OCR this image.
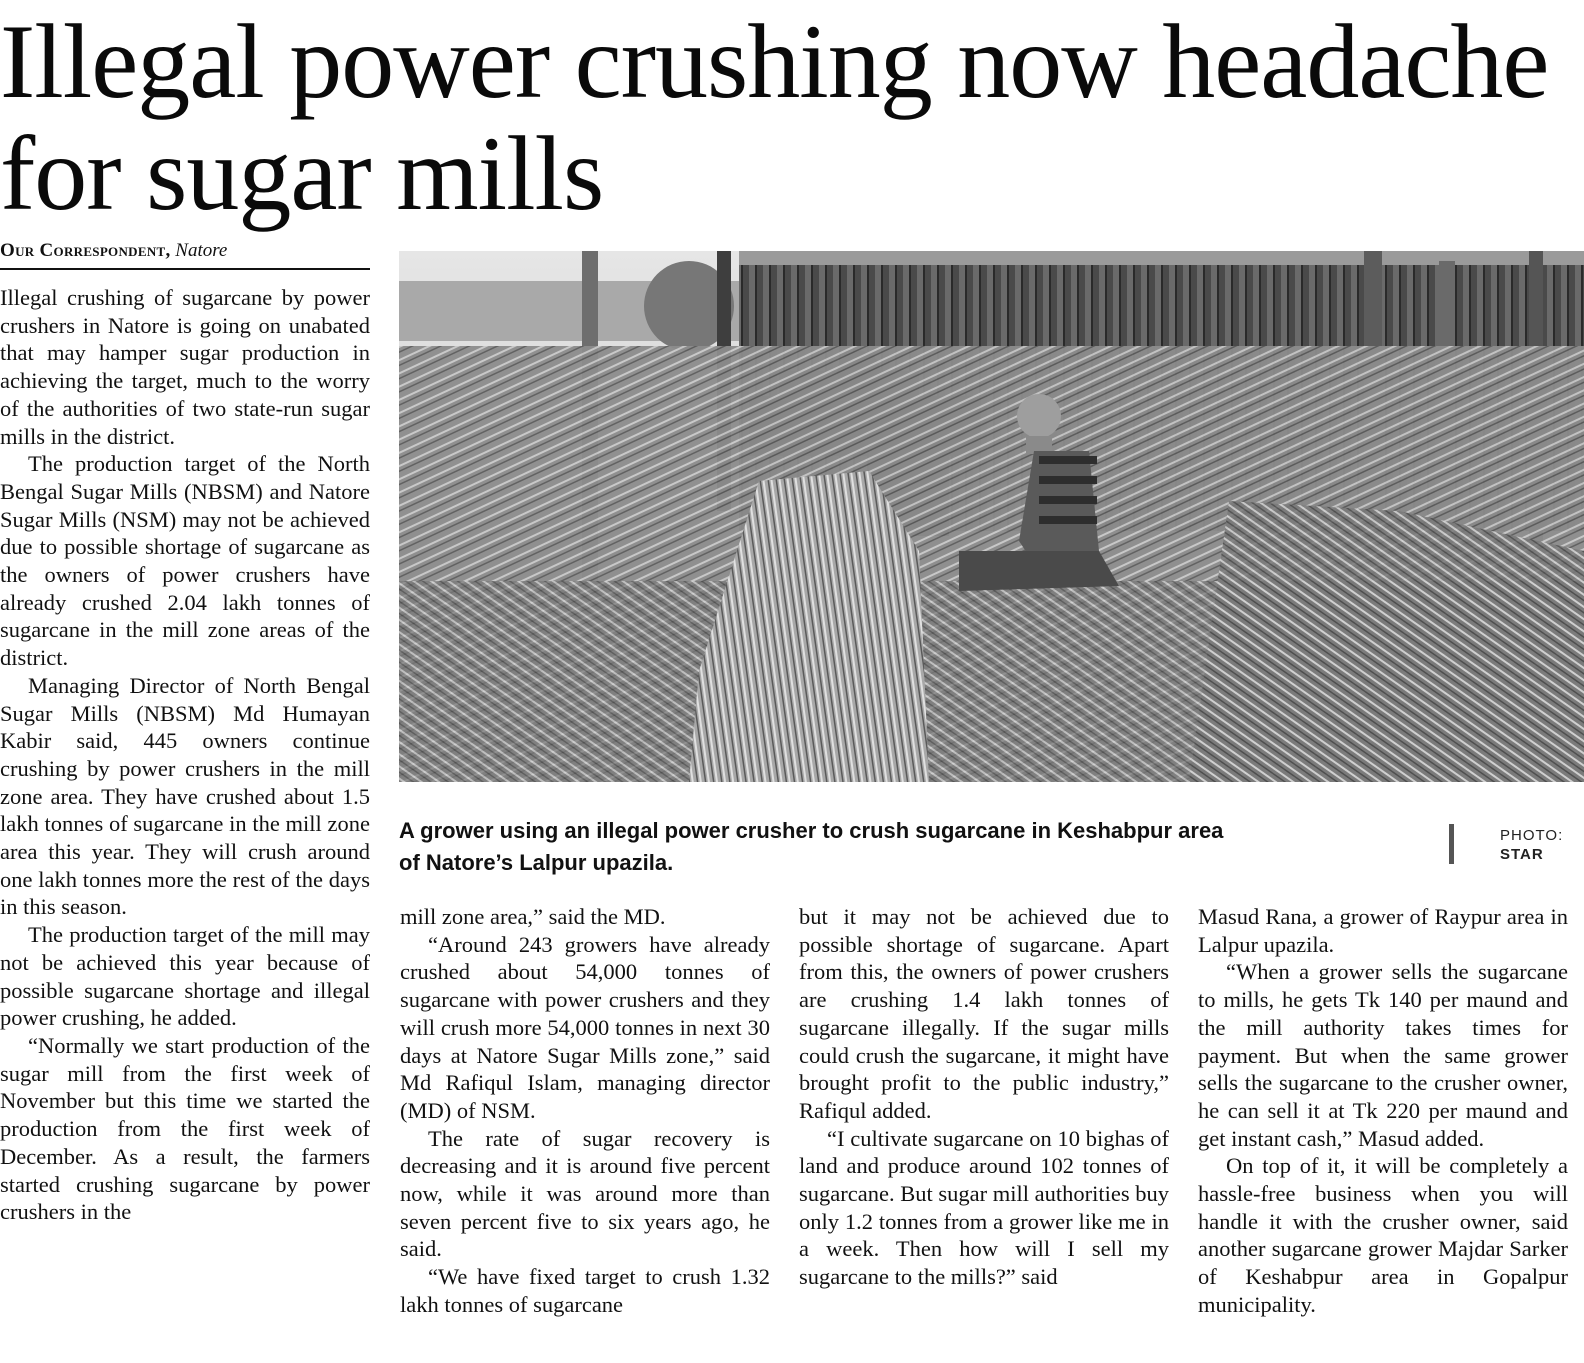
Illegal power crushing now headache for sugar mills
Our Correspondent, Natore

Illegal crushing of sugarcane by power crushers in Natore is going on unabated that may hamper sugar production in achieving the target, much to the worry of the authorities of two state-run sugar mills in the district.

The production target of the North Bengal Sugar Mills (NBSM) and Natore Sugar Mills (NSM) may not be achieved due to possible shortage of sugarcane as the owners of power crushers have already crushed 2.04 lakh tonnes of sugarcane in the mill zone areas of the district.

Managing Director of North Bengal Sugar Mills (NBSM) Md Humayan Kabir said, 445 owners continue crushing by power crushers in the mill zone area. They have crushed about 1.5 lakh tonnes of sugarcane in the mill zone area this year. They will crush around one lakh tonnes more the rest of the days in this season.

The production target of the mill may not be achieved this year because of possible sugarcane shortage and illegal power crushing, he added.

“Normally we start production of the sugar mill from the first week of November but this time we started the production from the first week of December. As a result, the farmers started crushing sugarcane by power crushers in the

A grower using an illegal power crusher to crush sugarcane in Keshabpur area of Natore’s Lalpur upazila.
PHOTO:
STAR

mill zone area,” said the MD.

“Around 243 growers have already crushed about 54,000 tonnes of sugarcane with power crushers and they will crush more 54,000 tonnes in next 30 days at Natore Sugar Mills zone,” said Md Rafiqul Islam, managing director (MD) of NSM.

The rate of sugar recovery is decreasing and it is around five percent now, while it was around more than seven percent five to six years ago, he said.

“We have fixed target to crush 1.32 lakh tonnes of sugarcane

but it may not be achieved due to possible shortage of sugarcane. Apart from this, the owners of power crushers are crushing 1.4 lakh tonnes of sugarcane illegally. If the sugar mills could crush the sugarcane, it might have brought profit to the public industry,” Rafiqul added.

“I cultivate sugarcane on 10 bighas of land and produce around 102 tonnes of sugarcane. But sugar mill authorities buy only 1.2 tonnes from a grower like me in a week. Then how will I sell my sugarcane to the mills?” said

Masud Rana, a grower of Raypur area in Lalpur upazila.

“When a grower sells the sugarcane to mills, he gets Tk 140 per maund and the mill authority takes times for payment. But when the same grower sells the sugarcane to the crusher owner, he can sell it at Tk 220 per maund and get instant cash,” Masud added.

On top of it, it will be completely a hassle-free business when you will handle it with the crusher owner, said another sugarcane grower Majdar Sarker of Keshabpur area in Gopalpur municipality.
